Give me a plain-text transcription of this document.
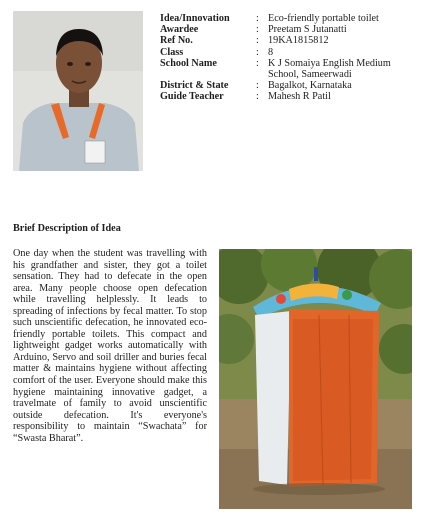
Idea/Innovation	: Eco-friendly portable toilet
Awardee	: Preetam S Jutanatti
Ref No.	: 19KA1815812
Class	: 8
School Name	: K J Somaiya English Medium School, Sameerwadi
District & State	: Bagalkot, Karnataka
Guide Teacher	: Mahesh R Patil
Brief Description of Idea
One day when the student was travelling with his grandfather and sister, they got a toilet sensation. They had to defecate in the open area. Many people choose open defecation while travelling helplessly. It leads to spreading of infections by fecal matter. To stop such unscientific defecation, he innovated eco-friendly portable toilets. This compact and lightweight gadget works automatically with Arduino, Servo and soil driller and buries fecal matter & maintains hygiene without affecting comfort of the user. Everyone should make this hygiene maintaining innovative gadget, a travelmate of family to avoid unscientific outside defecation. It's everyone's responsibility to maintain “Swachata” for “Swasta Bharat”.
